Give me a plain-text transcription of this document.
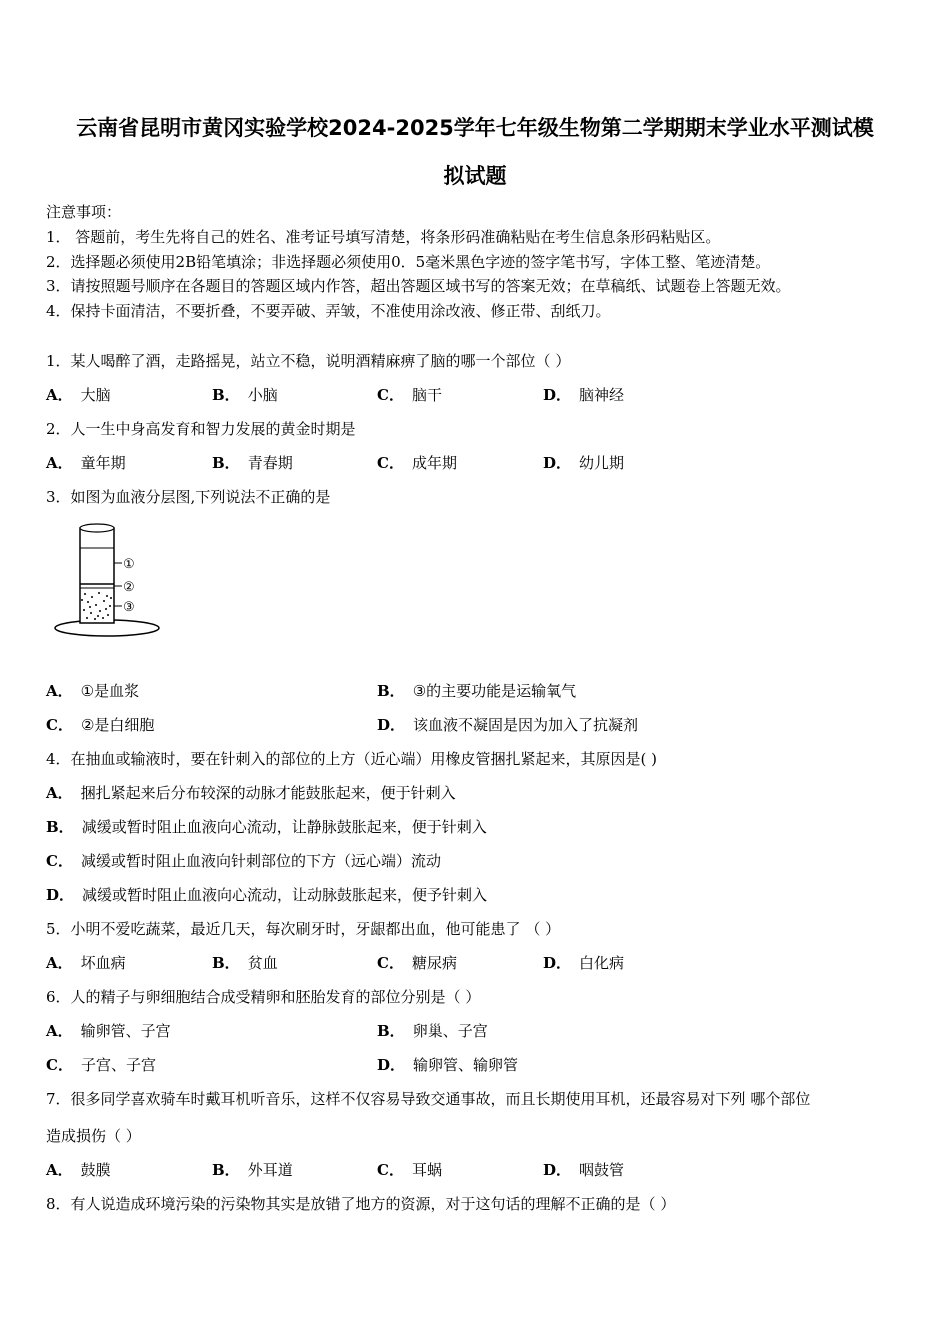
云南省昆明市黄冈实验学校2024-2025学年七年级生物第二学期期末学业水平测试模
拟试题
注意事项：
1． 答题前，考生先将自己的姓名、准考证号填写清楚，将条形码准确粘贴在考生信息条形码粘贴区。
2．选择题必须使用2B铅笔填涂；非选择题必须使用0．5毫米黑色字迹的签字笔书写，字体工整、笔迹清楚。
3．请按照题号顺序在各题目的答题区域内作答，超出答题区域书写的答案无效；在草稿纸、试题卷上答题无效。
4．保持卡面清洁，不要折叠，不要弄破、弄皱，不准使用涂改液、修正带、刮纸刀。
1．某人喝醉了酒，走路摇晃，站立不稳，说明酒精麻痹了脑的哪一个部位（ ）
A． 大脑	B． 小脑	C． 脑干	D． 脑神经
2．人一生中身高发育和智力发展的黄金时期是
A． 童年期	B． 青春期	C． 成年期	D． 幼儿期
3．如图为血液分层图,下列说法不正确的是
①
②
③
A． ①是血浆	B． ③的主要功能是运输氧气
C． ②是白细胞	D． 该血液不凝固是因为加入了抗凝剂
4．在抽血或输液时，要在针刺入的部位的上方（近心端）用橡皮管捆扎紧起来，其原因是( )
A． 捆扎紧起来后分布较深的动脉才能鼓胀起来，便于针刺入
B． 减缓或暂时阻止血液向心流动，让静脉鼓胀起来，便于针刺入
C． 减缓或暂时阻止血液向针刺部位的下方（远心端）流动
D． 减缓或暂时阻止血液向心流动，让动脉鼓胀起来，便予针刺入
5．小明不爱吃蔬菜，最近几天，每次刷牙时，牙龈都出血，他可能患了 （ ）
A． 坏血病	B． 贫血	C． 糖尿病	D． 白化病
6．人的精子与卵细胞结合成受精卵和胚胎发育的部位分别是（ ）
A． 输卵管、子宫	B． 卵巢、子宫
C． 子宫、子宫	D． 输卵管、输卵管
7．很多同学喜欢骑车时戴耳机听音乐，这样不仅容易导致交通事故，而且长期使用耳机，还最容易对下列 哪个部位
造成损伤（ ）
A． 鼓膜	B． 外耳道	C． 耳蜗	D． 咽鼓管
8．有人说造成环境污染的污染物其实是放错了地方的资源，对于这句话的理解不正确的是（ ）
